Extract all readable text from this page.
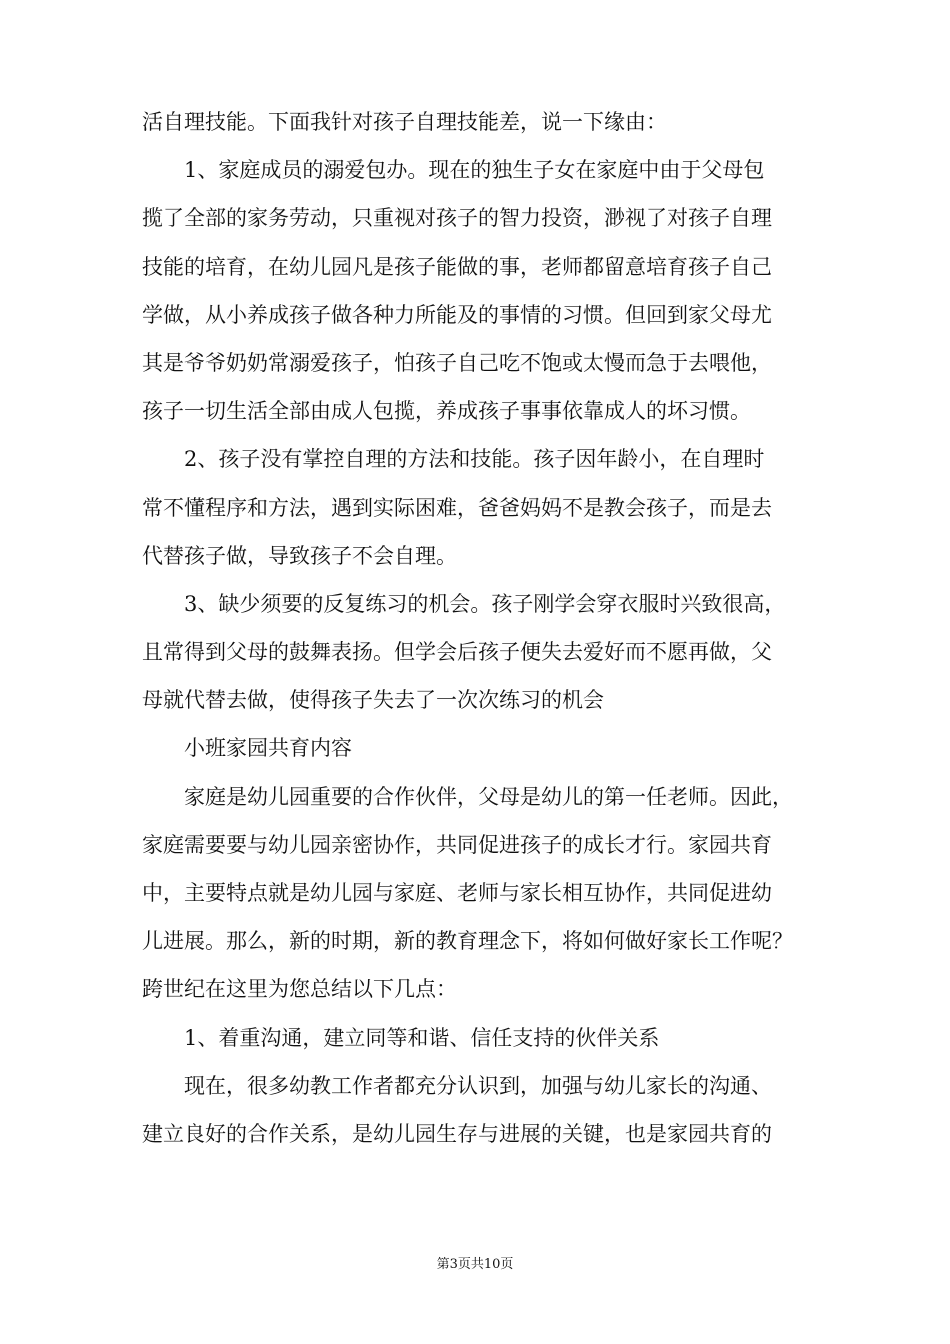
活自理技能。下面我针对孩子自理技能差，说一下缘由：
1、家庭成员的溺爱包办。现在的独生子女在家庭中由于父母包
揽了全部的家务劳动，只重视对孩子的智力投资，渺视了对孩子自理
技能的培育，在幼儿园凡是孩子能做的事，老师都留意培育孩子自己
学做，从小养成孩子做各种力所能及的事情的习惯。但回到家父母尤
其是爷爷奶奶常溺爱孩子，怕孩子自己吃不饱或太慢而急于去喂他，
孩子一切生活全部由成人包揽，养成孩子事事依靠成人的坏习惯。
2、孩子没有掌控自理的方法和技能。孩子因年龄小，在自理时
常不懂程序和方法，遇到实际困难，爸爸妈妈不是教会孩子，而是去
代替孩子做，导致孩子不会自理。
3、缺少须要的反复练习的机会。孩子刚学会穿衣服时兴致很高，
且常得到父母的鼓舞表扬。但学会后孩子便失去爱好而不愿再做，父
母就代替去做，使得孩子失去了一次次练习的机会
小班家园共育内容
家庭是幼儿园重要的合作伙伴，父母是幼儿的第一任老师。因此，
家庭需要要与幼儿园亲密协作，共同促进孩子的成长才行。家园共育
中，主要特点就是幼儿园与家庭、老师与家长相互协作，共同促进幼
儿进展。那么，新的时期，新的教育理念下，将如何做好家长工作呢？
跨世纪在这里为您总结以下几点：
1、着重沟通，建立同等和谐、信任支持的伙伴关系
现在，很多幼教工作者都充分认识到，加强与幼儿家长的沟通、
建立良好的合作关系，是幼儿园生存与进展的关键，也是家园共育的
第3页共10页
